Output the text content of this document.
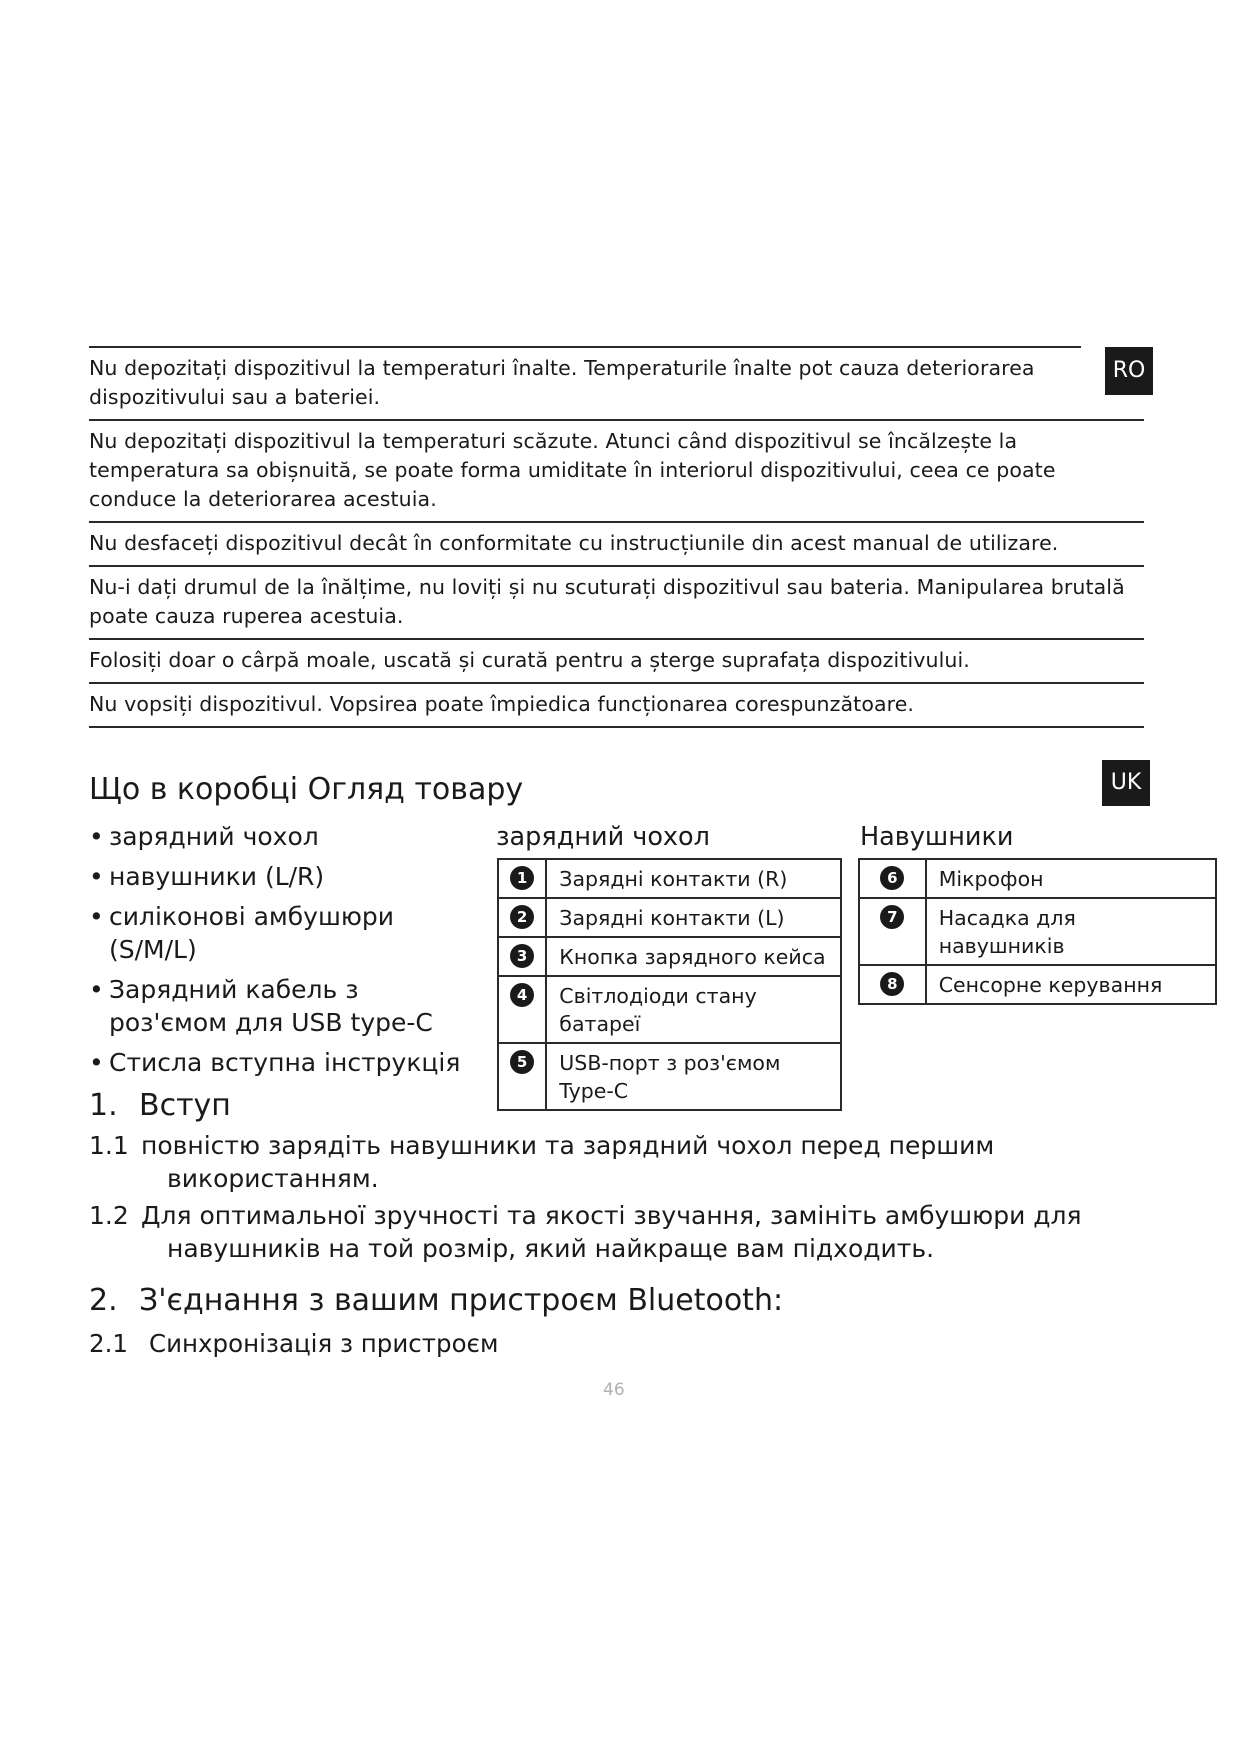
RO
Nu depozitați dispozitivul la temperaturi înalte. Temperaturile înalte pot cauza deteriorarea dispozitivului sau a bateriei.
Nu depozitați dispozitivul la temperaturi scăzute. Atunci când dispozitivul se încălzește la temperatura sa obișnuită, se poate forma umiditate în interiorul dispozitivului, ceea ce poate conduce la deteriorarea acestuia.
Nu desfaceți dispozitivul decât în conformitate cu instrucțiunile din acest manual de utilizare.
Nu-i dați drumul de la înălțime, nu loviți și nu scuturați dispozitivul sau bateria. Manipularea brutală poate cauza ruperea acestuia.
Folosiți doar o cârpă moale, uscată și curată pentru a șterge suprafața dispozitivului.
Nu vopsiți dispozitivul. Vopsirea poate împiedica funcționarea corespunzătoare.
UK
Що в коробці Огляд товару
• зарядний чохол
• навушники (L/R)
• силіконові амбушюри (S/M/L)
• Зарядний кабель з роз'ємом для USB type-C
• Стисла вступна інструкція
зарядний чохол
1	Зарядні контакти (R)
2	Зарядні контакти (L)
3	Кнопка зарядного кейса
4	Світлодіоди стану батареї
5	USB-порт з роз'ємом Type-C
Навушники
6	Мікрофон
7	Насадка для навушників
8	Сенсорне керування
1. Вступ
1.1 повністю зарядіть навушники та зарядний чохол перед першим
використанням.
1.2 Для оптимальної зручності та якості звучання, замініть амбушюри для
навушників на той розмір, який найкраще вам підходить.
2. З'єднання з вашим пристроєм Bluetooth:
2.1 Синхронізація з пристроєм
46
